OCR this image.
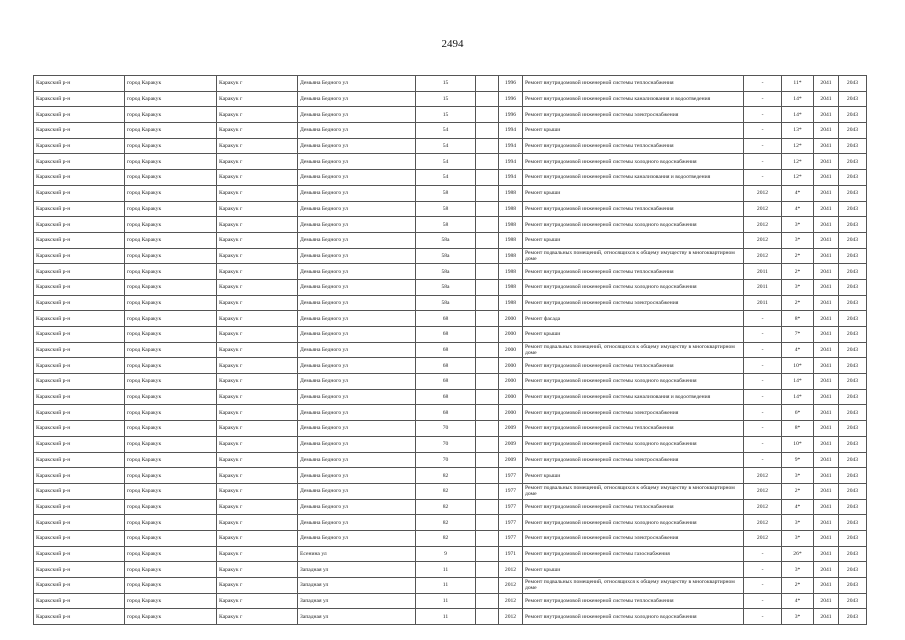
2494
Каракский р-н	город Каракук	Каракук г	Демьяна Бедного ул	15		1996	Ремонт внутридомовой инженерной системы теплоснабжения	-	11*	2041	2043
Каракский р-н	город Каракук	Каракук г	Демьяна Бедного ул	15		1996	Ремонт внутридомовой инженерной системы канализования и водоотведения	-	14*	2041	2043
Каракский р-н	город Каракук	Каракук г	Демьяна Бедного ул	15		1996	Ремонт внутридомовой инженерной системы электроснабжения	-	14*	2041	2043
Каракский р-н	город Каракук	Каракук г	Демьяна Бедного ул	54		1994	Ремонт крыши	-	13*	2041	2043
Каракский р-н	город Каракук	Каракук г	Демьяна Бедного ул	54		1994	Ремонт внутридомовой инженерной системы теплоснабжения	-	12*	2041	2043
Каракский р-н	город Каракук	Каракук г	Демьяна Бедного ул	54		1994	Ремонт внутридомовой инженерной системы холодного водоснабжения	-	12*	2041	2043
Каракский р-н	город Каракук	Каракук г	Демьяна Бедного ул	54		1994	Ремонт внутридомовой инженерной системы канализования и водоотведения	-	12*	2041	2043
Каракский р-н	город Каракук	Каракук г	Демьяна Бедного ул	58		1988	Ремонт крыши	2012	4*	2041	2043
Каракский р-н	город Каракук	Каракук г	Демьяна Бедного ул	58		1988	Ремонт внутридомовой инженерной системы теплоснабжения	2012	4*	2041	2043
Каракский р-н	город Каракук	Каракук г	Демьяна Бедного ул	58		1988	Ремонт внутридомовой инженерной системы холодного водоснабжения	2012	3*	2041	2043
Каракский р-н	город Каракук	Каракук г	Демьяна Бедного ул	58а		1988	Ремонт крыши	2012	3*	2041	2043
Каракский р-н	город Каракук	Каракук г	Демьяна Бедного ул	58а		1988	Ремонт подвальных помещений, относящихся к общему имуществу в многоквартирном доме	2012	2*	2041	2043
Каракский р-н	город Каракук	Каракук г	Демьяна Бедного ул	58а		1988	Ремонт внутридомовой инженерной системы теплоснабжения	2011	2*	2041	2043
Каракский р-н	город Каракук	Каракук г	Демьяна Бедного ул	58а		1988	Ремонт внутридомовой инженерной системы холодного водоснабжения	2011	3*	2041	2043
Каракский р-н	город Каракук	Каракук г	Демьяна Бедного ул	58а		1988	Ремонт внутридомовой инженерной системы электроснабжения	2011	2*	2041	2043
Каракский р-н	город Каракук	Каракук г	Демьяна Бедного ул	68		2000	Ремонт фасада	-	8*	2041	2043
Каракский р-н	город Каракук	Каракук г	Демьяна Бедного ул	68		2000	Ремонт крыши	-	7*	2041	2043
Каракский р-н	город Каракук	Каракук г	Демьяна Бедного ул	68		2000	Ремонт подвальных помещений, относящихся к общему имуществу в многоквартирном доме	-	4*	2041	2043
Каракский р-н	город Каракук	Каракук г	Демьяна Бедного ул	68		2000	Ремонт внутридомовой инженерной системы теплоснабжения	-	10*	2041	2043
Каракский р-н	город Каракук	Каракук г	Демьяна Бедного ул	68		2000	Ремонт внутридомовой инженерной системы холодного водоснабжения	-	14*	2041	2043
Каракский р-н	город Каракук	Каракук г	Демьяна Бедного ул	68		2000	Ремонт внутридомовой инженерной системы канализования и водоотведения	-	14*	2041	2043
Каракский р-н	город Каракук	Каракук г	Демьяна Бедного ул	68		2000	Ремонт внутридомовой инженерной системы электроснабжения	-	6*	2041	2043
Каракский р-н	город Каракук	Каракук г	Демьяна Бедного ул	70		2009	Ремонт внутридомовой инженерной системы теплоснабжения	-	8*	2041	2043
Каракский р-н	город Каракук	Каракук г	Демьяна Бедного ул	70		2009	Ремонт внутридомовой инженерной системы холодного водоснабжения	-	10*	2041	2043
Каракский р-н	город Каракук	Каракук г	Демьяна Бедного ул	70		2009	Ремонт внутридомовой инженерной системы электроснабжения	-	9*	2041	2043
Каракский р-н	город Каракук	Каракук г	Демьяна Бедного ул	82		1977	Ремонт крыши	2012	3*	2041	2043
Каракский р-н	город Каракук	Каракук г	Демьяна Бедного ул	82		1977	Ремонт подвальных помещений, относящихся к общему имуществу в многоквартирном доме	2012	2*	2041	2043
Каракский р-н	город Каракук	Каракук г	Демьяна Бедного ул	82		1977	Ремонт внутридомовой инженерной системы теплоснабжения	2012	4*	2041	2043
Каракский р-н	город Каракук	Каракук г	Демьяна Бедного ул	82		1977	Ремонт внутридомовой инженерной системы холодного водоснабжения	2012	3*	2041	2043
Каракский р-н	город Каракук	Каракук г	Демьяна Бедного ул	82		1977	Ремонт внутридомовой инженерной системы электроснабжения	2012	3*	2041	2043
Каракский р-н	город Каракук	Каракук г	Есенина ул	9		1971	Ремонт внутридомовой инженерной системы газоснабжения	-	26*	2041	2043
Каракский р-н	город Каракук	Каракук г	Западная ул	11		2012	Ремонт крыши	-	3*	2041	2043
Каракский р-н	город Каракук	Каракук г	Западная ул	11		2012	Ремонт подвальных помещений, относящихся к общему имуществу в многоквартирном доме	-	2*	2041	2043
Каракский р-н	город Каракук	Каракук г	Западная ул	11		2012	Ремонт внутридомовой инженерной системы теплоснабжения	-	4*	2041	2043
Каракский р-н	город Каракук	Каракук г	Западная ул	11		2012	Ремонт внутридомовой инженерной системы холодного водоснабжения	-	3*	2041	2043
